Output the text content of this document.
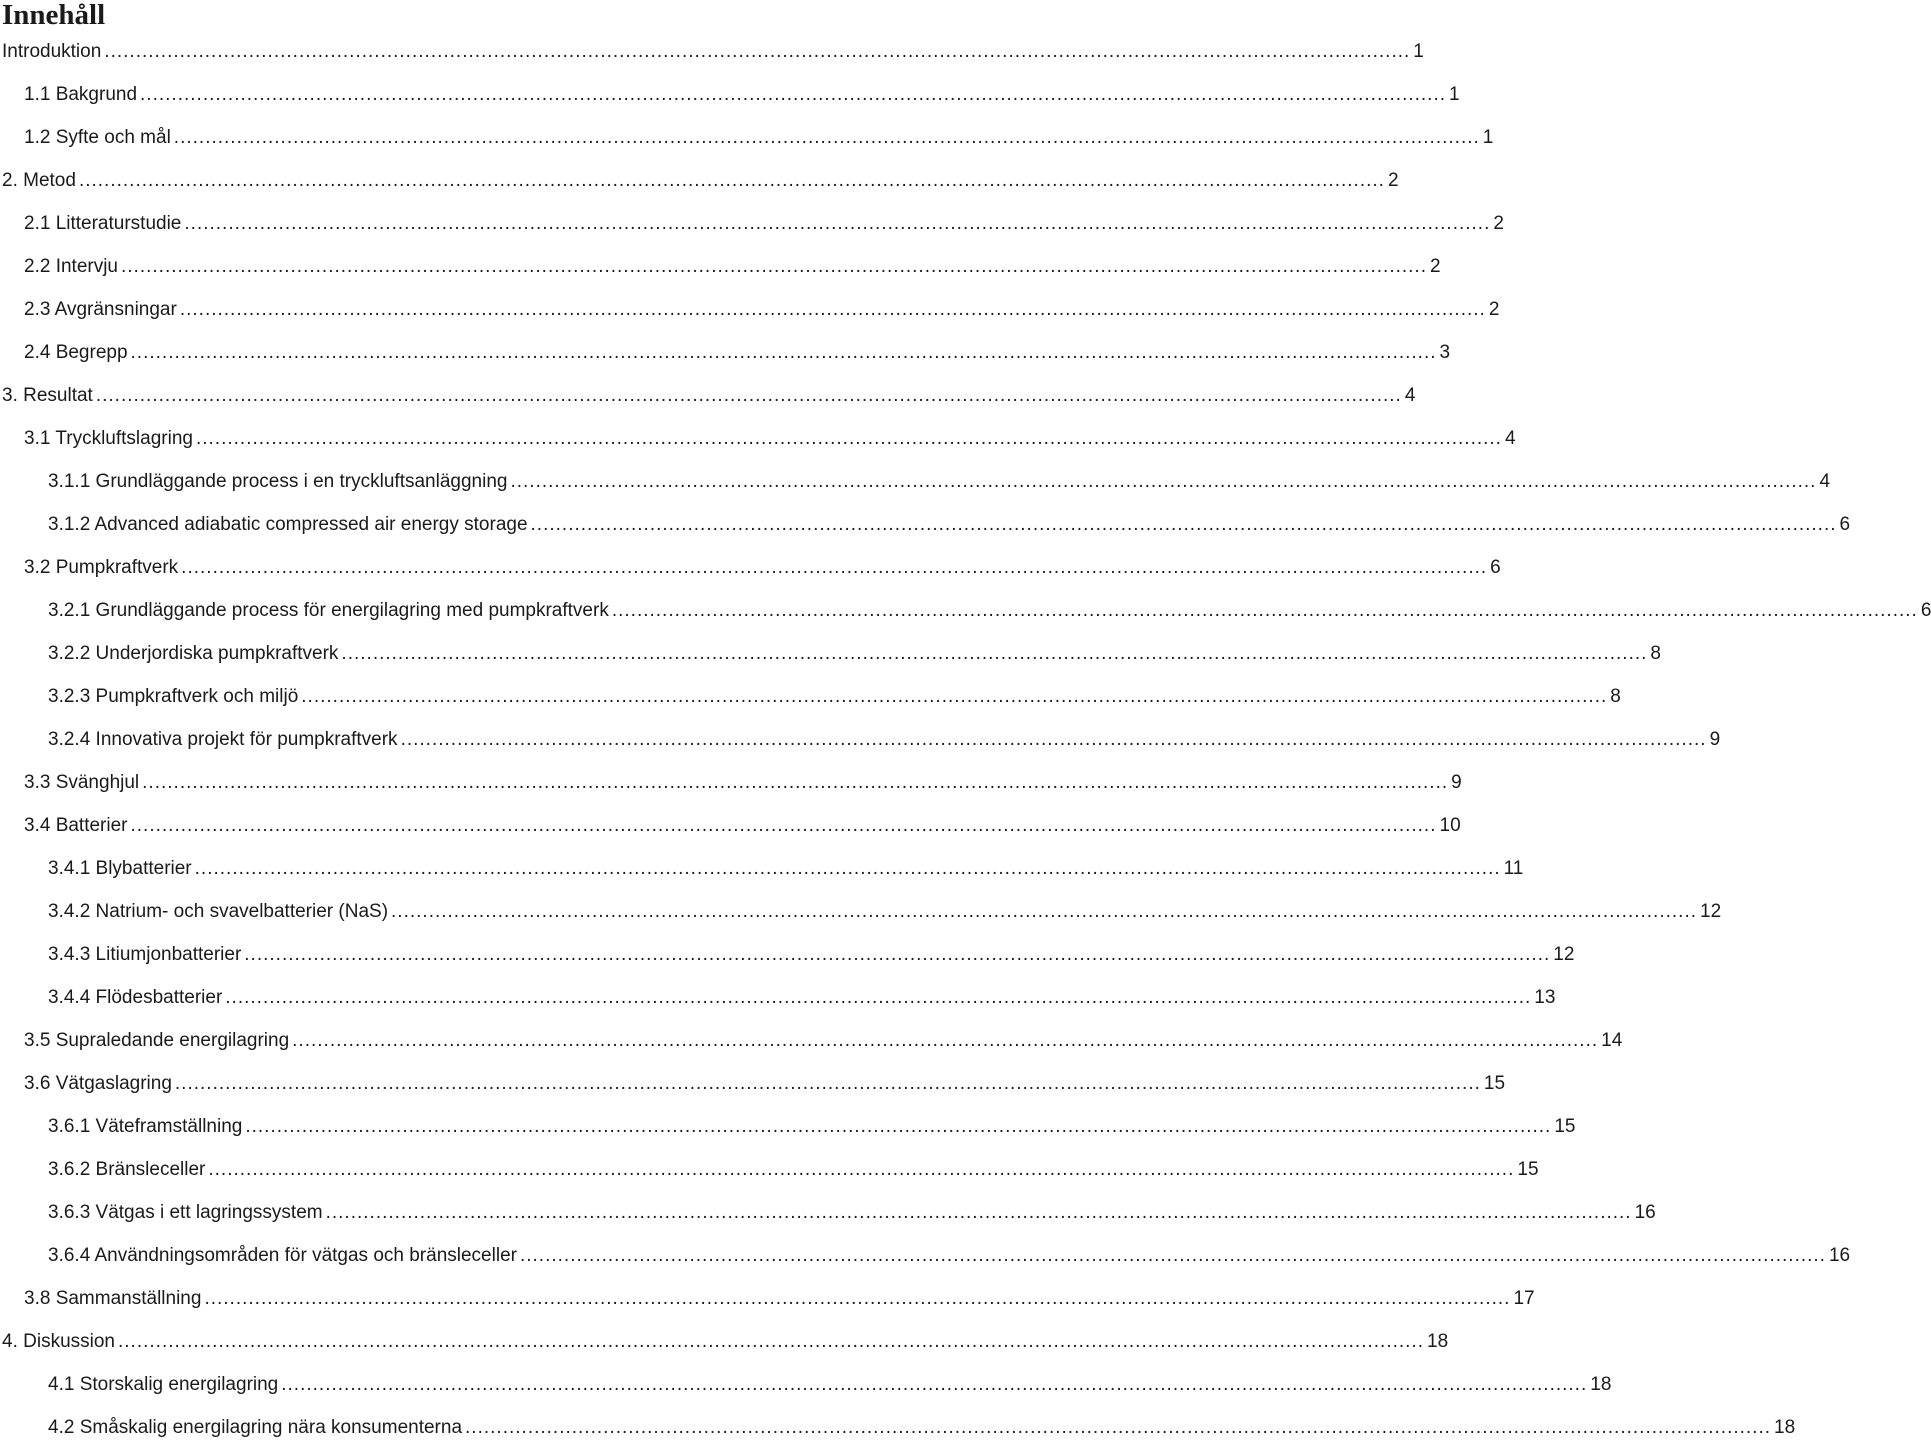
Innehåll
Introduktion .....	1
1.1 Bakgrund .....	1
1.2 Syfte och mål .....	1
2. Metod .....	2
2.1 Litteraturstudie .....	2
2.2 Intervju .....	2
2.3 Avgränsningar .....	2
2.4 Begrepp .....	3
3. Resultat .....	4
3.1 Tryckluftslagring .....	4
3.1.1 Grundläggande process i en tryckluftsanläggning .....	4
3.1.2 Advanced adiabatic compressed air energy storage .....	6
3.2 Pumpkraftverk .....	6
3.2.1 Grundläggande process för energilagring med pumpkraftverk .....	6
3.2.2 Underjordiska pumpkraftverk .....	8
3.2.3 Pumpkraftverk och miljö .....	8
3.2.4 Innovativa projekt för pumpkraftverk .....	9
3.3 Svänghjul .....	9
3.4 Batterier .....	10
3.4.1 Blybatterier .....	11
3.4.2 Natrium- och svavelbatterier (NaS) .....	12
3.4.3 Litiumjonbatterier .....	12
3.4.4 Flödesbatterier .....	13
3.5 Supraledande energilagring .....	14
3.6 Vätgaslagring .....	15
3.6.1 Väteframställning .....	15
3.6.2 Bränsleceller .....	15
3.6.3 Vätgas i ett lagringssystem .....	16
3.6.4 Användningsområden för vätgas och bränsleceller .....	16
3.8 Sammanställning .....	17
4. Diskussion .....	18
4.1 Storskalig energilagring .....	18
4.2 Småskalig energilagring nära konsumenterna .....	18
